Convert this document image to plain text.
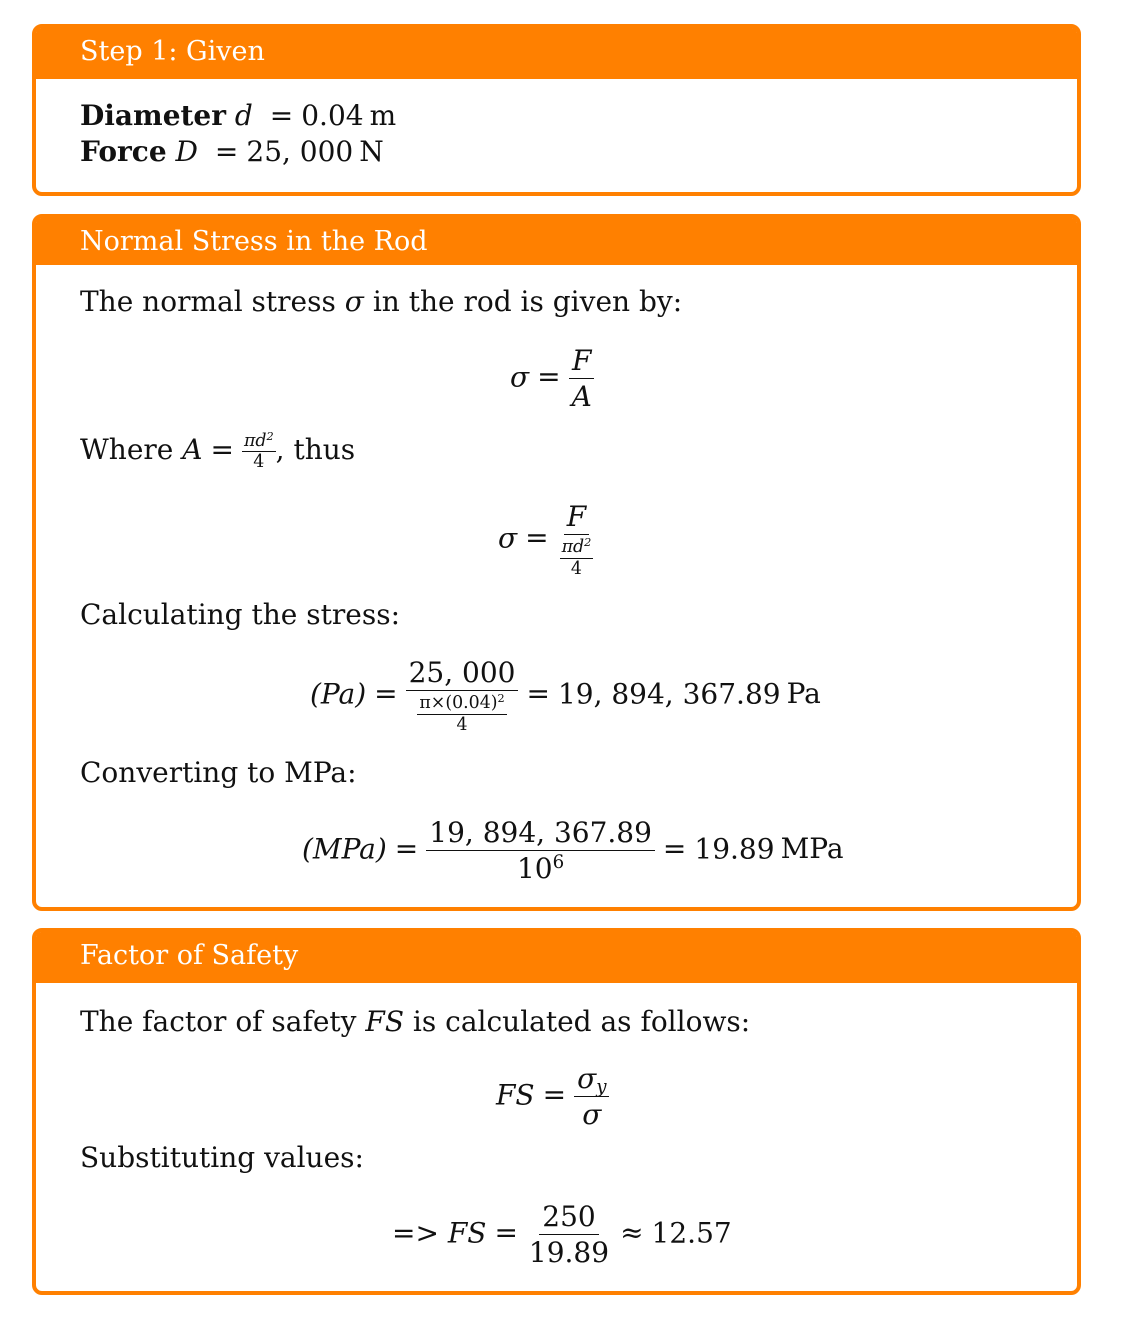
Step 1: Given
Diameter d = 0.04 m
Force D = 25, 000 N
Normal Stress in the Rod
The normal stress σ in the rod is given by:
$\sigma = \frac{F}{A}$
Where $A = \frac{\pi d^2}{4}$ , thus
$\sigma = \frac{F}{\frac{\pi d^2}{4}}$
Calculating the stress:
$(Pa) = \frac{25, 000}{\frac{\pi\times(0.04)^2}{4}} = 19$, 894, 367.89 Pa
Converting to MPa:
$(MPa) = \frac{19, 894, 367.89}{10^6} = 19.89$ MPa
Factor of Safety
The factor of safety FS is calculated as follows:
FS = $\frac{\sigma_y}{\sigma}$
Substituting values:
=> FS = $\frac{250}{19.89} \approx 12.57$
